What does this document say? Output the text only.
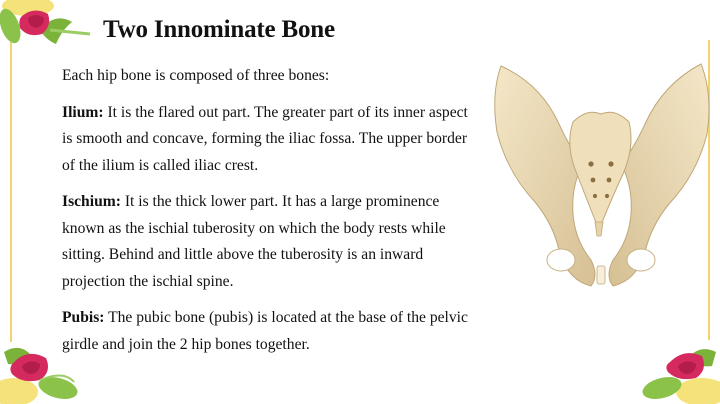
Two Innominate Bone

Each hip bone is composed of three bones:

Ilium: It is the flared out part. The greater part of its inner aspect is smooth and concave, forming the iliac fossa. The upper border of the ilium is called iliac crest.

Ischium: It is the thick lower part. It has a large prominence known as the ischial tuberosity on which the body rests while sitting. Behind and little above the tuberosity is an inward projection the ischial spine.

Pubis: The pubic bone (pubis) is located at the base of the pelvic girdle and join the 2 hip bones together.
